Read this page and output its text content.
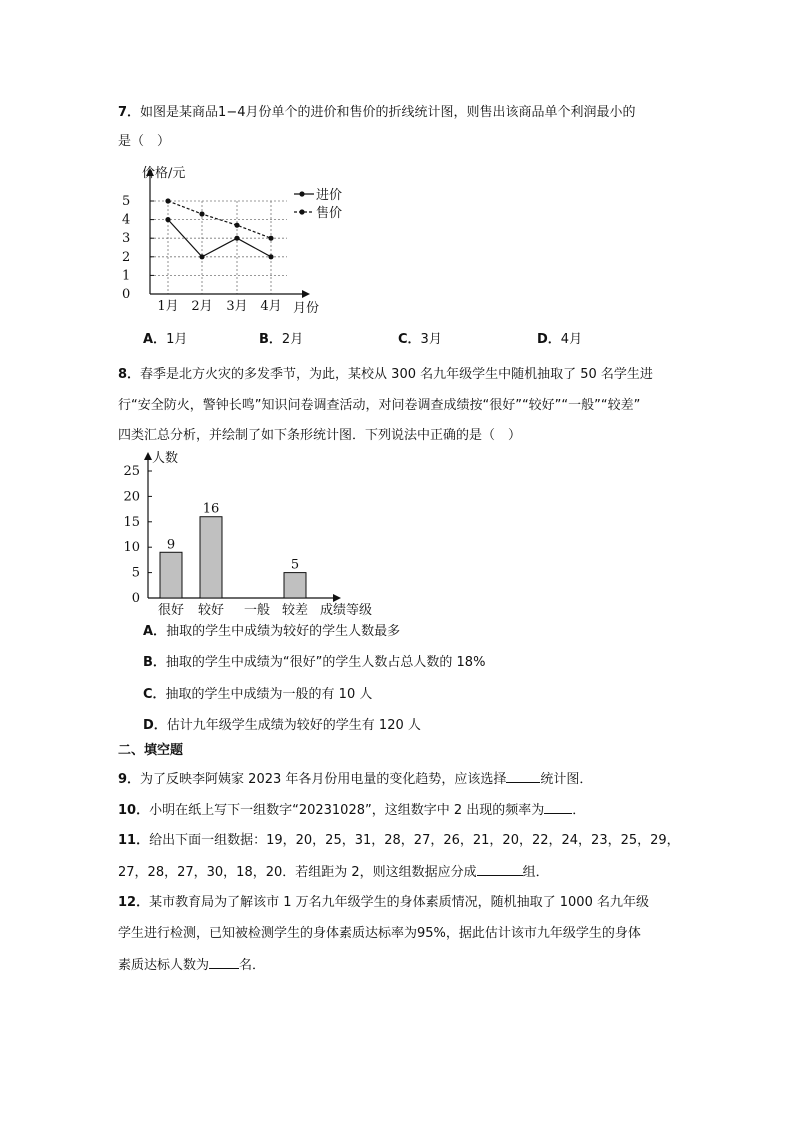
7．如图是某商品1−4月份单个的进价和售价的折线统计图，则售出该商品单个利润最小的
是（　）
0
1
2
3
4
5
价格/元
月份
1月 2月 3月 4月
进价
售价
A．1月	B．2月	C．3月	D．4月
8．春季是北方火灾的多发季节，为此，某校从 300 名九年级学生中随机抽取了 50 名学生进
行“安全防火，警钟长鸣”知识问卷调查活动，对问卷调查成绩按“很好”“较好”“一般”“较差”
四类汇总分析，并绘制了如下条形统计图．下列说法中正确的是（　）
0
5
10
15
20
25
人数
成绩等级
9
很好
16
较好 一般
5
较差
A．抽取的学生中成绩为较好的学生人数最多
B．抽取的学生中成绩为“很好”的学生人数占总人数的 18%
C．抽取的学生中成绩为一般的有 10 人
D．估计九年级学生成绩为较好的学生有 120 人
二、填空题
9．为了反映李阿姨家 2023 年各月份用电量的变化趋势，应该选择	统计图．
10．小明在纸上写下一组数字“20231028”，这组数字中 2 出现的频率为 ．
11．给出下面一组数据：19，20，25，31，28，27，26，21，20，22，24，23，25，29，
27，28，27，30，18，20．若组距为 2，则这组数据应分成	组．
12．某市教育局为了解该市 1 万名九年级学生的身体素质情况，随机抽取了 1000 名九年级
学生进行检测，已知被检测学生的身体素质达标率为95%，据此估计该市九年级学生的身体
素质达标人数为 名．
